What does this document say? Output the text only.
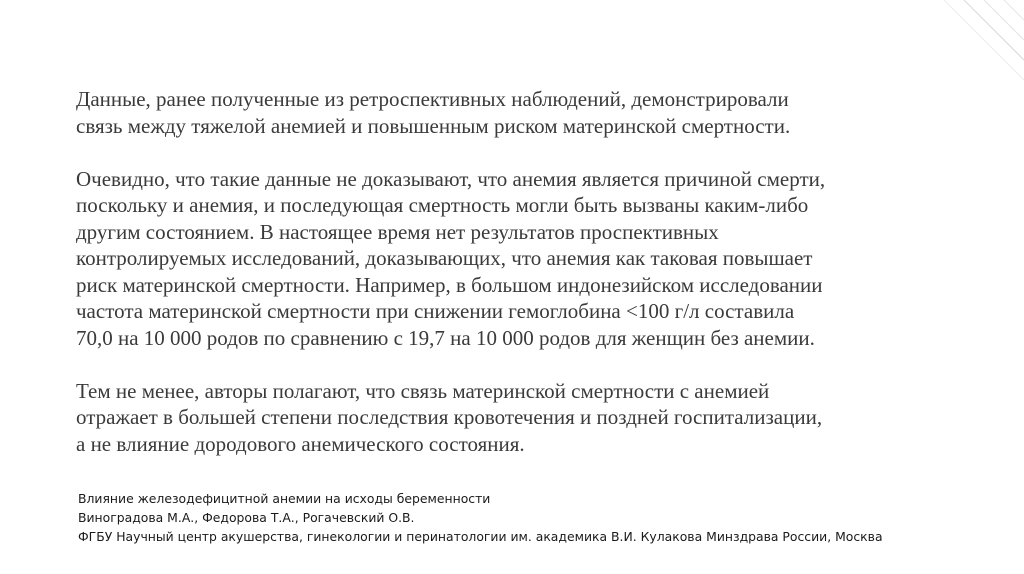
Данные, ранее полученные из ретроспективных наблюдений, демонстрировали
связь между тяжелой анемией и повышенным риском материнской смертности.

Очевидно, что такие данные не доказывают, что анемия является причиной смерти,
поскольку и анемия, и последующая смертность могли быть вызваны каким-либо
другим состоянием. В настоящее время нет результатов проспективных
контролируемых исследований, доказывающих, что анемия как таковая повышает
риск материнской смертности. Например, в большом индонезийском исследовании
частота материнской смертности при снижении гемоглобина <100 г/л составила
70,0 на 10 000 родов по сравнению с 19,7 на 10 000 родов для женщин без анемии.

Тем не менее, авторы полагают, что связь материнской смертности с анемией
отражает в большей степени последствия кровотечения и поздней госпитализации,
а не влияние дородового анемического состояния.

Влияние железодефицитной анемии на исходы беременности
Виноградова М.А., Федорова Т.А., Рогачевский О.В.
ФГБУ Научный центр акушерства, гинекологии и перинатологии им. академика В.И. Кулакова Минздрава России, Москва
